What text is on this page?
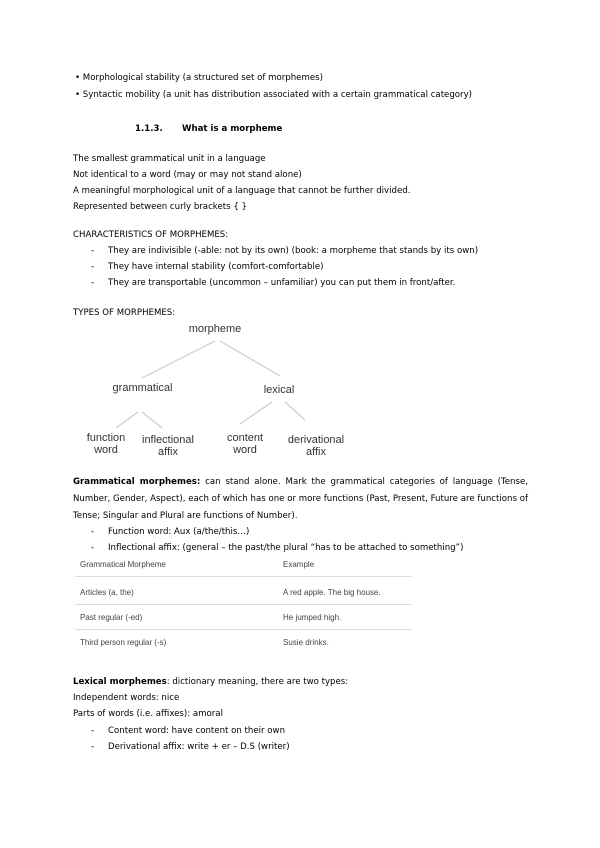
• Morphological stability (a structured set of morphemes)
• Syntactic mobility (a unit has distribution associated with a certain grammatical category)
1.1.3. What is a morpheme
The smallest grammatical unit in a language
Not identical to a word (may or may not stand alone)
A meaningful morphological unit of a language that cannot be further divided.
Represented between curly brackets { }
CHARACTERISTICS OF MORPHEMES:
- They are indivisible (-able: not by its own) (book: a morpheme that stands by its own)
- They have internal stability (comfort-comfortable)
- They are transportable (uncommon – unfamiliar) you can put them in front/after.
TYPES OF MORPHEMES:
morpheme
grammatical	lexical
function
word
inflectional
affix
content
word
derivational
affix
Grammatical morphemes: can stand alone. Mark the grammatical categories of language (Tense, Number, Gender, Aspect), each of which has one or more functions (Past, Present, Future are functions of Tense; Singular and Plural are functions of Number).
- Function word: Aux (a/the/this…)
- Inflectional affix: (general – the past/the plural “has to be attached to something”)
Grammatical Morpheme	Example
Articles (a, the)	A red apple. The big house.
Past regular (-ed)	He jumped high.
Third person regular (-s)	Susie drinks.
Lexical morphemes: dictionary meaning, there are two types:
Independent words: nice
Parts of words (i.e. affixes): amoral
- Content word: have content on their own
- Derivational affix: write + er – D.S (writer)
